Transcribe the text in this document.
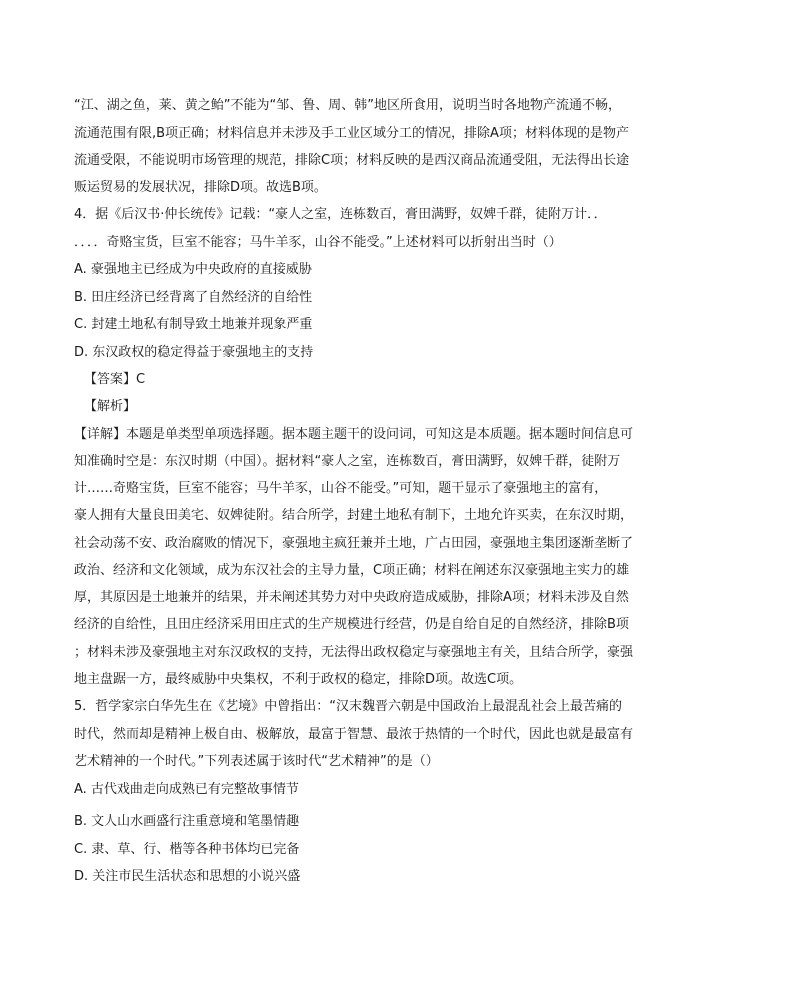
“江、湖之鱼，莱、黄之鲐”不能为“邹、鲁、周、韩”地区所食用，说明当时各地物产流通不畅，

流通范围有限,B项正确；材料信息并未涉及手工业区域分工的情况，排除A项；材料体现的是物产

流通受限，不能说明市场管理的规范，排除C项；材料反映的是西汉商品流通受阻，无法得出长途

贩运贸易的发展状况，排除D项。故选B项。

4．据《后汉书·仲长统传》记载：“豪人之室，连栋数百，膏田满野，奴婢千群，徒附万计．．

．．．．奇赂宝货，巨室不能容；马牛羊豕，山谷不能受。”上述材料可以折射出当时（）

A. 豪强地主已经成为中央政府的直接威胁

B. 田庄经济已经背离了自然经济的自给性

C. 封建土地私有制导致土地兼并现象严重

D. 东汉政权的稳定得益于豪强地主的支持

【答案】C

【解析】

【详解】本题是单类型单项选择题。据本题主题干的设问词，可知这是本质题。据本题时间信息可

知准确时空是：东汉时期（中国）。据材料“豪人之室，连栋数百，膏田满野，奴婢千群，徒附万

计……奇赂宝货，巨室不能容；马牛羊豕，山谷不能受。”可知，题干显示了豪强地主的富有，

豪人拥有大量良田美宅、奴婢徒附。结合所学，封建土地私有制下，土地允许买卖，在东汉时期，

社会动荡不安、政治腐败的情况下，豪强地主疯狂兼并土地，广占田园，豪强地主集团逐渐垄断了

政治、经济和文化领域，成为东汉社会的主导力量，C项正确；材料在阐述东汉豪强地主实力的雄

厚，其原因是土地兼并的结果，并未阐述其势力对中央政府造成威胁，排除A项；材料未涉及自然

经济的自给性，且田庄经济采用田庄式的生产规模进行经营，仍是自给自足的自然经济，排除B项

；材料未涉及豪强地主对东汉政权的支持，无法得出政权稳定与豪强地主有关，且结合所学，豪强

地主盘踞一方，最终威胁中央集权，不利于政权的稳定，排除D项。故选C项。

5．哲学家宗白华先生在《艺境》中曾指出：“汉末魏晋六朝是中国政治上最混乱社会上最苦痛的

时代，然而却是精神上极自由、极解放，最富于智慧、最浓于热情的一个时代，因此也就是最富有

艺术精神的一个时代。”下列表述属于该时代“艺术精神”的是（）

A. 古代戏曲走向成熟已有完整故事情节

B. 文人山水画盛行注重意境和笔墨情趣

C. 隶、草、行、楷等各种书体均已完备

D. 关注市民生活状态和思想的小说兴盛
